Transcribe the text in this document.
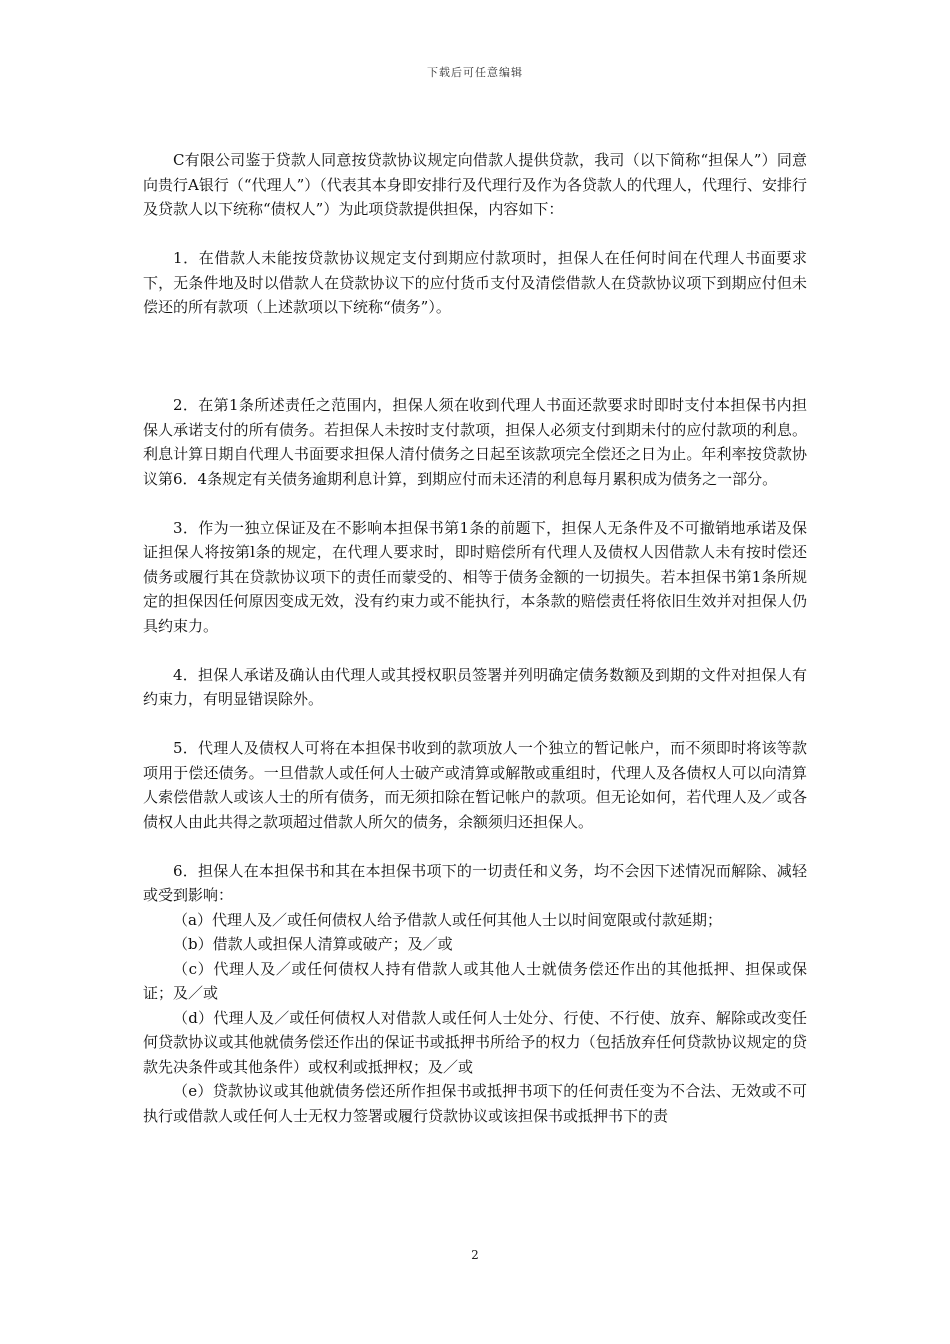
下载后可任意编辑

C有限公司鉴于贷款人同意按贷款协议规定向借款人提供贷款，我司（以下简称“担保人”）同意向贵行A银行（“代理人”）（代表其本身即安排行及代理行及作为各贷款人的代理人，代理行、安排行及贷款人以下统称“债权人”）为此项贷款提供担保，内容如下：

1．在借款人未能按贷款协议规定支付到期应付款项时，担保人在任何时间在代理人书面要求下，无条件地及时以借款人在贷款协议下的应付货币支付及清偿借款人在贷款协议项下到期应付但未偿还的所有款项（上述款项以下统称“债务”）。

2．在第1条所述责任之范围内，担保人须在收到代理人书面还款要求时即时支付本担保书内担保人承诺支付的所有债务。若担保人未按时支付款项，担保人必须支付到期未付的应付款项的利息。利息计算日期自代理人书面要求担保人清付债务之日起至该款项完全偿还之日为止。年利率按贷款协议第6．4条规定有关债务逾期利息计算，到期应付而未还清的利息每月累积成为债务之一部分。

3．作为一独立保证及在不影响本担保书第1条的前题下，担保人无条件及不可撤销地承诺及保证担保人将按第l条的规定，在代理人要求时，即时赔偿所有代理人及债权人因借款人未有按时偿还债务或履行其在贷款协议项下的责任而蒙受的、相等于债务金额的一切损失。若本担保书第1条所规定的担保因任何原因变成无效，没有约束力或不能执行，本条款的赔偿责任将依旧生效并对担保人仍具约束力。

4．担保人承诺及确认由代理人或其授权职员签署并列明确定债务数额及到期的文件对担保人有约束力，有明显错误除外。

5．代理人及债权人可将在本担保书收到的款项放人一个独立的暂记帐户，而不须即时将该等款项用于偿还债务。一旦借款人或任何人士破产或清算或解散或重组时，代理人及各债权人可以向清算人索偿借款人或该人士的所有债务，而无须扣除在暂记帐户的款项。但无论如何，若代理人及／或各债权人由此共得之款项超过借款人所欠的债务，余额须归还担保人。

6．担保人在本担保书和其在本担保书项下的一切责任和义务，均不会因下述情况而解除、减轻或受到影响：

（a）代理人及／或任何债权人给予借款人或任何其他人士以时间宽限或付款延期；

（b）借款人或担保人清算或破产；及／或

（c）代理人及／或任何债权人持有借款人或其他人士就债务偿还作出的其他抵押、担保或保证；及／或

（d）代理人及／或任何债权人对借款人或任何人士处分、行使、不行使、放弃、解除或改变任何贷款协议或其他就债务偿还作出的保证书或抵押书所给予的权力（包括放弃任何贷款协议规定的贷款先决条件或其他条件）或权利或抵押权；及／或

（e）贷款协议或其他就债务偿还所作担保书或抵押书项下的任何责任变为不合法、无效或不可执行或借款人或任何人士无权力签署或履行贷款协议或该担保书或抵押书下的责

2
